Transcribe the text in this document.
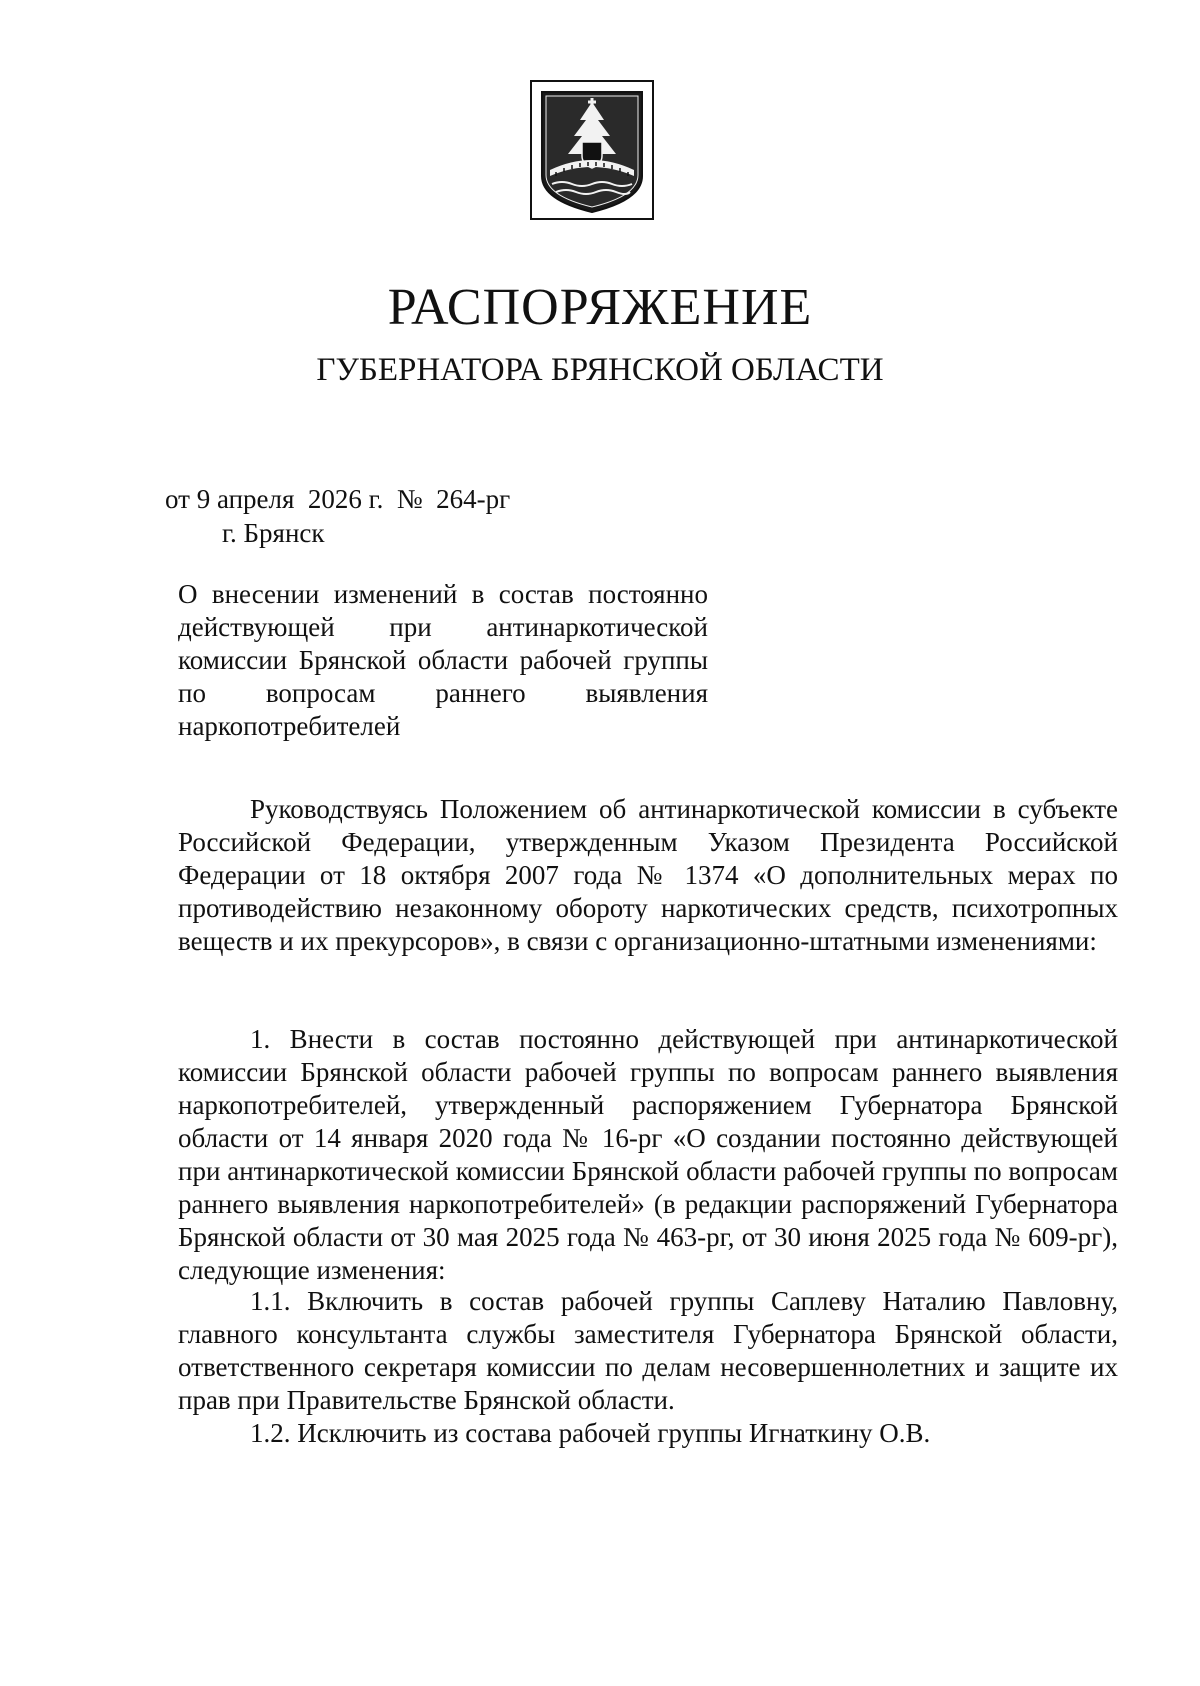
РАСПОРЯЖЕНИЕ
ГУБЕРНАТОРА БРЯНСКОЙ ОБЛАСТИ
от 9 апреля  2026 г.  №  264-рг
г. Брянск
О внесении изменений в состав постоянно действующей при антинаркотической комиссии Брянской области рабочей группы по вопросам раннего выявления наркопотребителей

Руководствуясь Положением об антинаркотической комиссии в субъекте Российской Федерации, утвержденным Указом Президента Российской Федерации от 18 октября 2007 года № 1374 «О дополнительных мерах по противодействию незаконному обороту наркотических средств, психотропных веществ и их прекурсоров», в связи с организационно-штатными изменениями:

1. Внести в состав постоянно действующей при антинаркотической комиссии Брянской области рабочей группы по вопросам раннего выявления наркопотребителей, утвержденный распоряжением Губернатора Брянской области от 14 января 2020 года № 16-рг «О создании постоянно действующей при антинаркотической комиссии Брянской области рабочей группы по вопросам раннего выявления наркопотребителей» (в редакции распоряжений Губернатора Брянской области от 30 мая 2025 года № 463-рг, от 30 июня 2025 года № 609-рг), следующие изменения:

1.1. Включить в состав рабочей группы Саплеву Наталию Павловну, главного консультанта службы заместителя Губернатора Брянской области, ответственного секретаря комиссии по делам несовершеннолетних и защите их прав при Правительстве Брянской области.

1.2. Исключить из состава рабочей группы Игнаткину О.В.
